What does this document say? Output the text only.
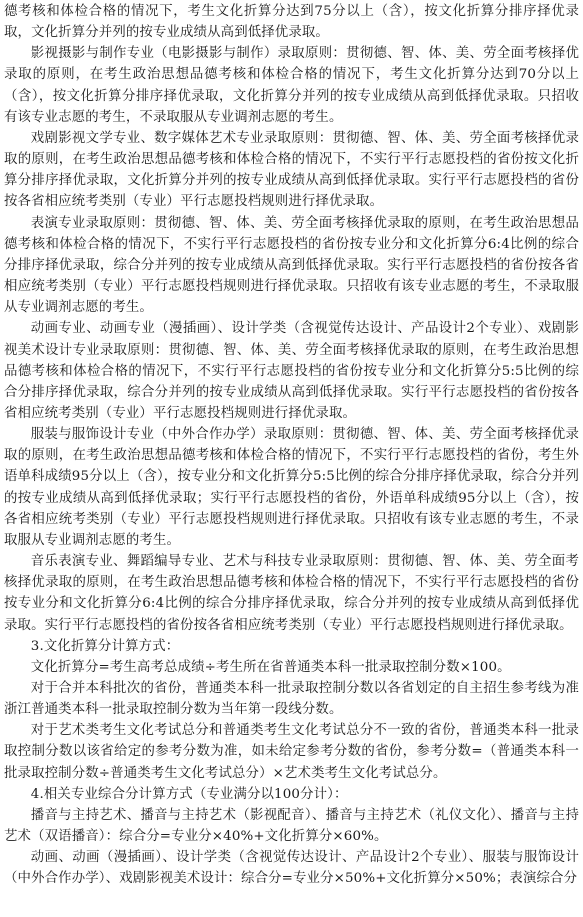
德考核和体检合格的情况下，考生文化折算分达到75分以上（含），按文化折算分排序择优录取，文化折算分并列的按专业成绩从高到低择优录取。

影视摄影与制作专业（电影摄影与制作）录取原则：贯彻德、智、体、美、劳全面考核择优录取的原则，在考生政治思想品德考核和体检合格的情况下，考生文化折算分达到70分以上（含），按文化折算分排序择优录取，文化折算分并列的按专业成绩从高到低择优录取。只招收有该专业志愿的考生，不录取服从专业调剂志愿的考生。

戏剧影视文学专业、数字媒体艺术专业录取原则：贯彻德、智、体、美、劳全面考核择优录取的原则，在考生政治思想品德考核和体检合格的情况下，不实行平行志愿投档的省份按文化折算分排序择优录取，文化折算分并列的按专业成绩从高到低择优录取。实行平行志愿投档的省份按各省相应统考类别（专业）平行志愿投档规则进行择优录取。

表演专业录取原则：贯彻德、智、体、美、劳全面考核择优录取的原则，在考生政治思想品德考核和体检合格的情况下，不实行平行志愿投档的省份按专业分和文化折算分6:4比例的综合分排序择优录取，综合分并列的按专业成绩从高到低择优录取。实行平行志愿投档的省份按各省相应统考类别（专业）平行志愿投档规则进行择优录取。只招收有该专业志愿的考生，不录取服从专业调剂志愿的考生。

动画专业、动画专业（漫插画）、设计学类（含视觉传达设计、产品设计2个专业）、戏剧影视美术设计专业录取原则：贯彻德、智、体、美、劳全面考核择优录取的原则，在考生政治思想品德考核和体检合格的情况下，不实行平行志愿投档的省份按专业分和文化折算分5:5比例的综合分排序择优录取，综合分并列的按专业成绩从高到低择优录取。实行平行志愿投档的省份按各省相应统考类别（专业）平行志愿投档规则进行择优录取。

服装与服饰设计专业（中外合作办学）录取原则：贯彻德、智、体、美、劳全面考核择优录取的原则，在考生政治思想品德考核和体检合格的情况下，不实行平行志愿投档的省份，考生外语单科成绩95分以上（含），按专业分和文化折算分5:5比例的综合分排序择优录取，综合分并列的按专业成绩从高到低择优录取；实行平行志愿投档的省份，外语单科成绩95分以上（含），按各省相应统考类别（专业）平行志愿投档规则进行择优录取。只招收有该专业志愿的考生，不录取服从专业调剂志愿的考生。

音乐表演专业、舞蹈编导专业、艺术与科技专业录取原则：贯彻德、智、体、美、劳全面考核择优录取的原则，在考生政治思想品德考核和体检合格的情况下，不实行平行志愿投档的省份按专业分和文化折算分6:4比例的综合分排序择优录取，综合分并列的按专业成绩从高到低择优录取。实行平行志愿投档的省份按各省相应统考类别（专业）平行志愿投档规则进行择优录取。

3.文化折算分计算方式：

文化折算分=考生高考总成绩÷考生所在省普通类本科一批录取控制分数×100。

对于合并本科批次的省份，普通类本科一批录取控制分数以各省划定的自主招生参考线为准浙江普通类本科一批录取控制分数为当年第一段线分数。

对于艺术类考生文化考试总分和普通类考生文化考试总分不一致的省份，普通类本科一批录取控制分数以该省给定的参考分数为准，如未给定参考分数的省份，参考分数=（普通类本科一批录取控制分数÷普通类考生文化考试总分）×艺术类考生文化考试总分。

4.相关专业综合分计算方式（专业满分以100分计）：

播音与主持艺术、播音与主持艺术（影视配音）、播音与主持艺术（礼仪文化）、播音与主持艺术（双语播音）：综合分=专业分×40%+文化折算分×60%。

动画、动画（漫插画）、设计学类（含视觉传达设计、产品设计2个专业）、服装与服饰设计（中外合作办学）、戏剧影视美术设计：综合分=专业分×50%+文化折算分×50%；表演综合分
